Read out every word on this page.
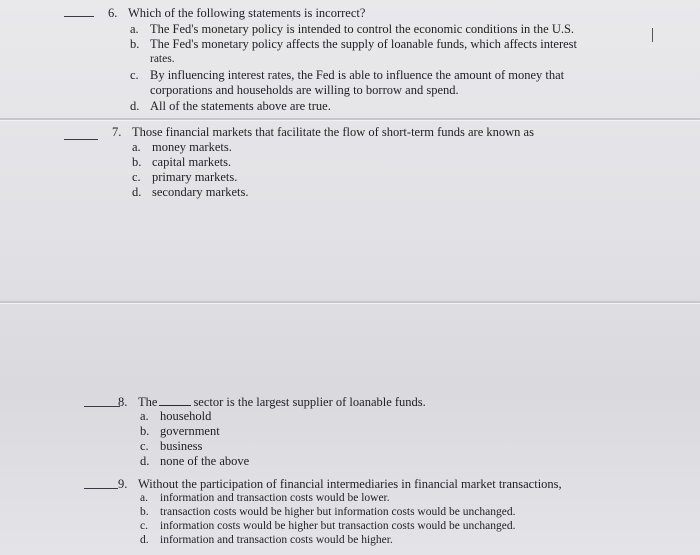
6. Which of the following statements is incorrect?
a. The Fed's monetary policy is intended to control the economic conditions in the U.S.
b. The Fed's monetary policy affects the supply of loanable funds, which affects interest
rates.
c. By influencing interest rates, the Fed is able to influence the amount of money that
corporations and households are willing to borrow and spend.
d. All of the statements above are true.
7. Those financial markets that facilitate the flow of short-term funds are known as
a. money markets.
b. capital markets.
c. primary markets.
d. secondary markets.
8. The	sector is the largest supplier of loanable funds.
a. household
b. government
c. business
d. none of the above
9. Without the participation of financial intermediaries in financial market transactions,
a. information and transaction costs would be lower.
b. transaction costs would be higher but information costs would be unchanged.
c. information costs would be higher but transaction costs would be unchanged.
d. information and transaction costs would be higher.
